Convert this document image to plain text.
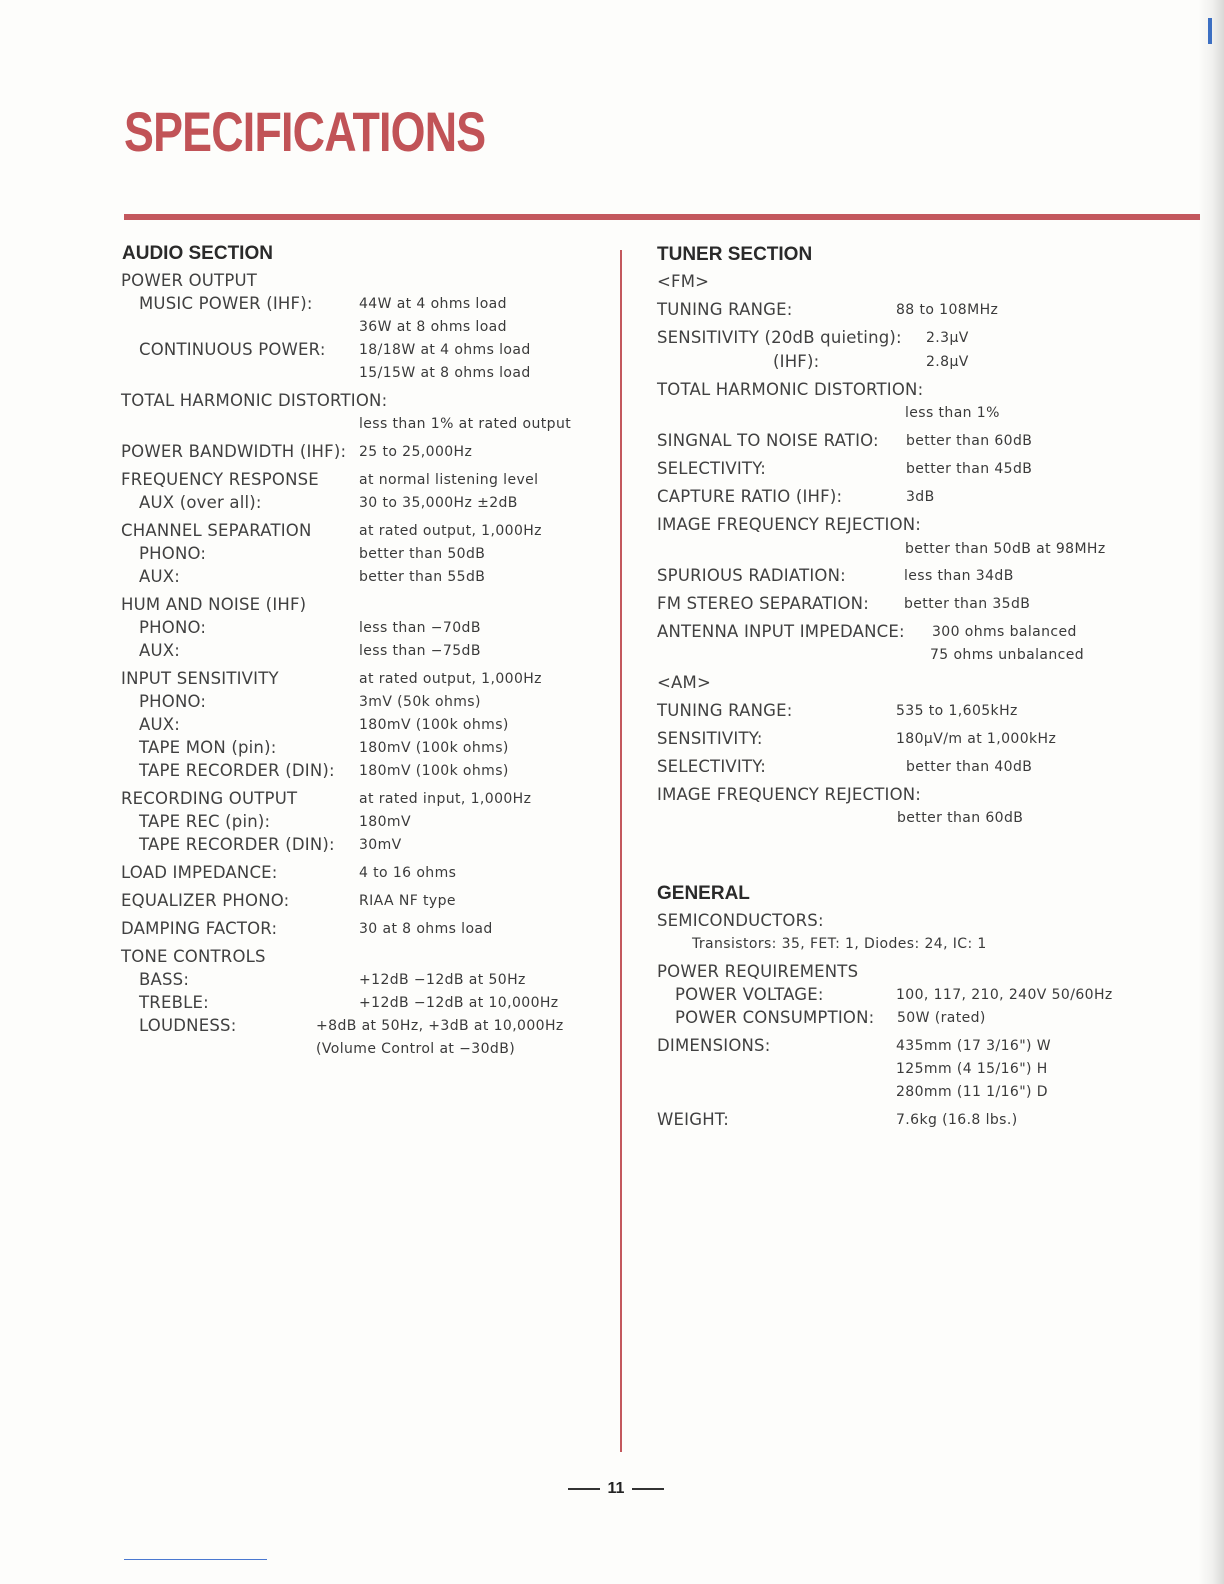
SPECIFICATIONS
AUDIO SECTION
POWER OUTPUT
MUSIC POWER (IHF):	44W at 4 ohms load
36W at 8 ohms load
CONTINUOUS POWER: 18/18W at 4 ohms load
15/15W at 8 ohms load
TOTAL HARMONIC DISTORTION:
less than 1% at rated output
POWER BANDWIDTH (IHF): 25 to 25,000Hz
FREQUENCY RESPONSE	at normal listening level
AUX (over all):	30 to 35,000Hz ±2dB
CHANNEL SEPARATION	at rated output, 1,000Hz
PHONO:	better than 50dB
AUX:	better than 55dB
HUM AND NOISE (IHF)
PHONO:	less than −70dB
AUX:	less than −75dB
INPUT SENSITIVITY	at rated output, 1,000Hz
PHONO:	3mV (50k ohms)
AUX:	180mV (100k ohms)
TAPE MON (pin):	180mV (100k ohms)
TAPE RECORDER (DIN): 180mV (100k ohms)
RECORDING OUTPUT	at rated input, 1,000Hz
TAPE REC (pin):	180mV
TAPE RECORDER (DIN): 30mV
LOAD IMPEDANCE:	4 to 16 ohms
EQUALIZER PHONO:	RIAA NF type
DAMPING FACTOR:	30 at 8 ohms load
TONE CONTROLS
BASS:	+12dB −12dB at 50Hz
TREBLE:	+12dB −12dB at 10,000Hz
LOUDNESS:	+8dB at 50Hz, +3dB at 10,000Hz
(Volume Control at −30dB)
TUNER SECTION
<FM>
TUNING RANGE:	88 to 108MHz
SENSITIVITY (20dB quieting): 2.3μV
(IHF):	2.8μV
TOTAL HARMONIC DISTORTION:
less than 1%
SINGNAL TO NOISE RATIO: better than 60dB
SELECTIVITY:	better than 45dB
CAPTURE RATIO (IHF):	3dB
IMAGE FREQUENCY REJECTION:
better than 50dB at 98MHz
SPURIOUS RADIATION:	less than 34dB
FM STEREO SEPARATION:	better than 35dB
ANTENNA INPUT IMPEDANCE: 300 ohms balanced
75 ohms unbalanced
<AM>
TUNING RANGE:	535 to 1,605kHz
SENSITIVITY:	180μV/m at 1,000kHz
SELECTIVITY:	better than 40dB
IMAGE FREQUENCY REJECTION:
better than 60dB
GENERAL
SEMICONDUCTORS:
Transistors: 35, FET: 1, Diodes: 24, IC: 1
POWER REQUIREMENTS
POWER VOLTAGE:	100, 117, 210, 240V 50/60Hz
POWER CONSUMPTION: 50W (rated)
DIMENSIONS:	435mm (17 3/16") W
125mm (4 15/16") H
280mm (11 1/16") D
WEIGHT:	7.6kg (16.8 lbs.)
11
